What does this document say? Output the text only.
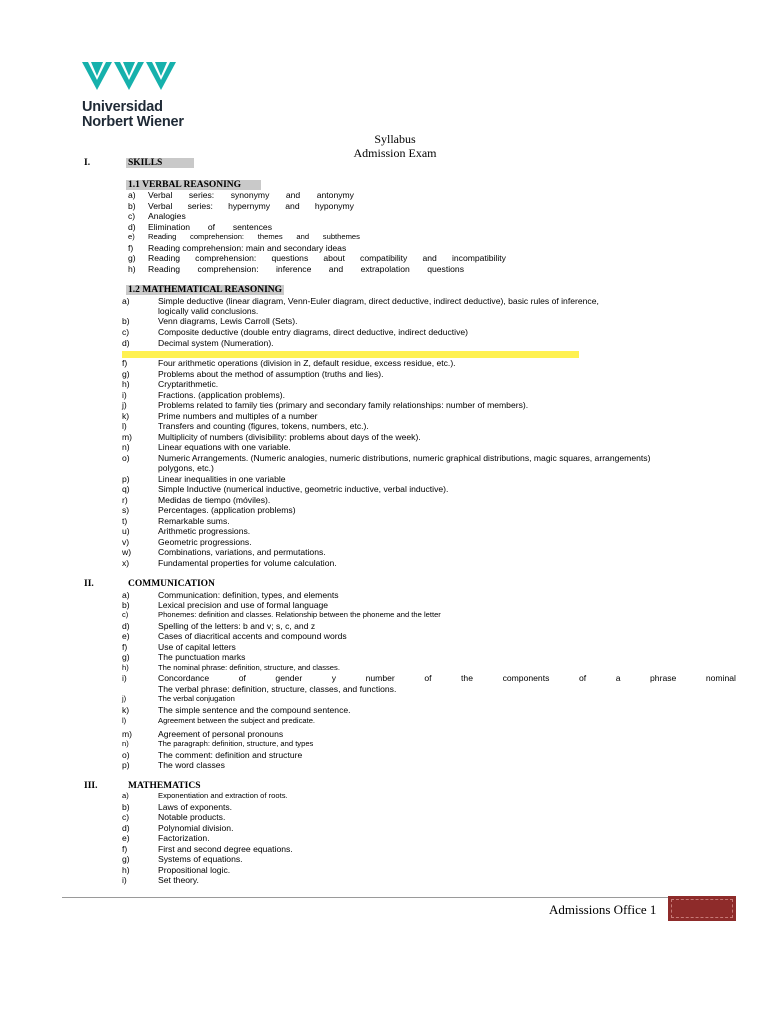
Universidad
Norbert Wiener
Syllabus
Admission Exam
I.	SKILLS
1.1 VERBAL REASONING
1.2 MATHEMATICAL REASONING
II.	COMMUNICATION
III.	MATHEMATICS
Admissions Office 1
a) Verbal series: synonymy and antonymy
b) Verbal series: hypernymy and hyponymy
c) Analogies
d) Elimination of sentences
e) Reading comprehension: themes and subthemes
f) Reading comprehension: main and secondary ideas
g) Reading comprehension: questions about compatibility and incompatibility
h) Reading comprehension: inference and extrapolation questions
a)	Simple deductive (linear diagram, Venn-Euler diagram, direct deductive, indirect deductive), basic rules of inference,
logically valid conclusions.
b)	Venn diagrams, Lewis Carroll (Sets).
c)	Composite deductive (double entry diagrams, direct deductive, indirect deductive)
d)	Decimal system (Numeration).
f)	Four arithmetic operations (division in Z, default residue, excess residue, etc.).
g)	Problems about the method of assumption (truths and lies).
h)	Cryptarithmetic.
i)	Fractions. (application problems).
j)	Problems related to family ties (primary and secondary family relationships: number of members).
k)	Prime numbers and multiples of a number
l)	Transfers and counting (figures, tokens, numbers, etc.).
m)	Multiplicity of numbers (divisibility: problems about days of the week).
n)	Linear equations with one variable.
o)	Numeric Arrangements. (Numeric analogies, numeric distributions, numeric graphical distributions, magic squares, arrangements)
polygons, etc.)
p)	Linear inequalities in one variable
q)	Simple Inductive (numerical inductive, geometric inductive, verbal inductive).
r)	Medidas de tiempo (móviles).
s)	Percentages. (application problems)
t)	Remarkable sums.
u)	Arithmetic progressions.
v)	Geometric progressions.
w)	Combinations, variations, and permutations.
x)	Fundamental properties for volume calculation.
a)	Communication: definition, types, and elements
b)	Lexical precision and use of formal language
c)	Phonemes: definition and classes. Relationship between the phoneme and the letter
d)	Spelling of the letters: b and v; s, c, and z
e)	Cases of diacritical accents and compound words
f)	Use of capital letters
g)	The punctuation marks
h)	The nominal phrase: definition, structure, and classes.
i)	Concordance	of	gender	y	number	of	the	components	of	a	phrase	nominal
The verbal phrase: definition, structure, classes, and functions.
j)	The verbal conjugation
k)	The simple sentence and the compound sentence.
l)	Agreement between the subject and predicate.
m)	Agreement of personal pronouns
n)	The paragraph: definition, structure, and types
o)	The comment: definition and structure
p)	The word classes
a)	Exponentiation and extraction of roots.
b)	Laws of exponents.
c)	Notable products.
d)	Polynomial division.
e)	Factorization.
f)	First and second degree equations.
g)	Systems of equations.
h)	Propositional logic.
i)	Set theory.
